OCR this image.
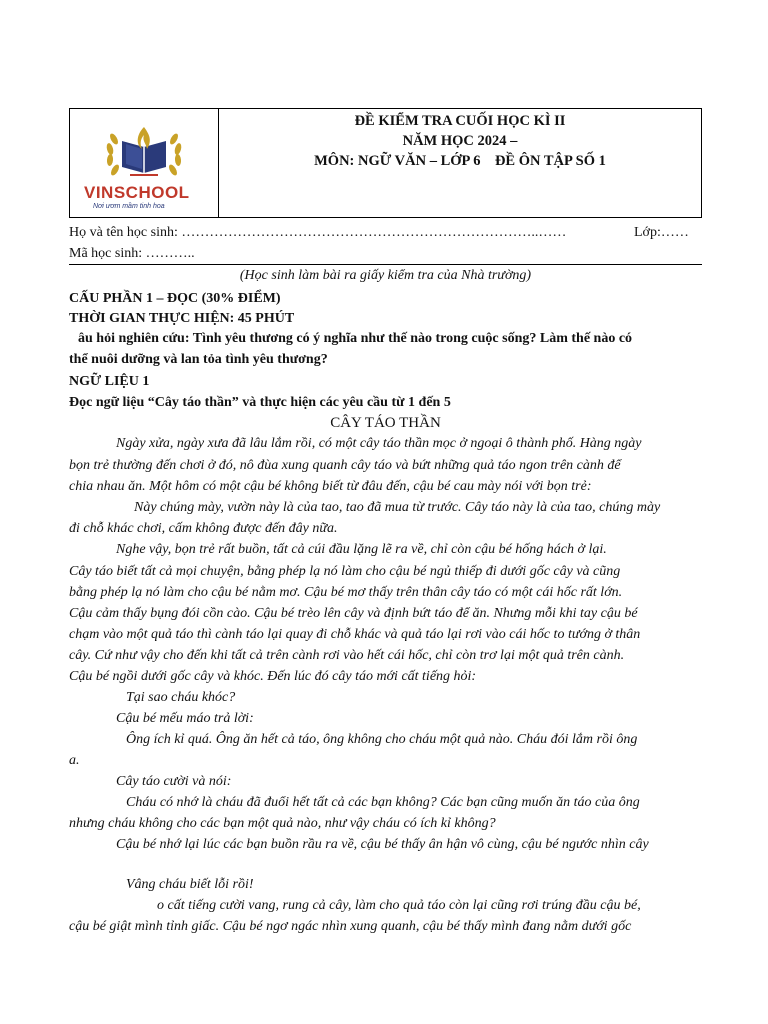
VINSCHOOL
Nơi ươm mầm tinh hoa
ĐỀ KIỂM TRA CUỐI HỌC KÌ II
NĂM HỌC 2024 –
MÔN: NGỮ VĂN – LỚP 6    ĐỀ ÔN TẬP SỐ 1
Họ và tên học sinh: …………………………………………………………………..……	Lớp:……
Mã học sinh: ………..
(Học sinh làm bài ra giấy kiểm tra của Nhà trường)
CẤU PHẦN 1 – ĐỌC (30% ĐIỂM)
THỜI GIAN THỰC HIỆN: 45 PHÚT
âu hỏi nghiên cứu: Tình yêu thương có ý nghĩa như thế nào trong cuộc sống? Làm thế nào có
thể nuôi dưỡng và lan tỏa tình yêu thương?
NGỮ LIỆU 1
Đọc ngữ liệu “Cây táo thần” và thực hiện các yêu cầu từ 1 đến 5
CÂY TÁO THẦN
Ngày xửa, ngày xưa đã lâu lắm rồi, có một cây táo thần mọc ở ngoại ô thành phố. Hàng ngày
bọn trẻ thường đến chơi ở đó, nô đùa xung quanh cây táo và bứt những quả táo ngon trên cành để
chia nhau ăn. Một hôm có một cậu bé không biết từ đâu đến, cậu bé cau mày nói với bọn trẻ:
Này chúng mày, vườn này là của tao, tao đã mua từ trước. Cây táo này là của tao, chúng mày
đi chỗ khác chơi, cấm không được đến đây nữa.
Nghe vậy, bọn trẻ rất buồn, tất cả cúi đầu lặng lẽ ra về, chỉ còn cậu bé hống hách ở lại.
Cây táo biết tất cả mọi chuyện, bằng phép lạ nó làm cho cậu bé ngủ thiếp đi dưới gốc cây và cũng
bằng phép lạ nó làm cho cậu bé nằm mơ. Cậu bé mơ thấy trên thân cây táo có một cái hốc rất lớn.
Cậu cảm thấy bụng đói cồn cào. Cậu bé trèo lên cây và định bứt táo để ăn. Nhưng mỗi khi tay cậu bé
chạm vào một quả táo thì cành táo lại quay đi chỗ khác và quả táo lại rơi vào cái hốc to tướng ở thân
cây. Cứ như vậy cho đến khi tất cả trên cành rơi vào hết cái hốc, chỉ còn trơ lại một quả trên cành.
Cậu bé ngồi dưới gốc cây và khóc. Đến lúc đó cây táo mới cất tiếng hỏi:
Tại sao cháu khóc?
Cậu bé mếu máo trả lời:
Ông ích kỉ quá. Ông ăn hết cả táo, ông không cho cháu một quả nào. Cháu đói lắm rồi ông
a.
Cây táo cười và nói:
Cháu có nhớ là cháu đã đuổi hết tất cả các bạn không? Các bạn cũng muốn ăn táo của ông
nhưng cháu không cho các bạn một quả nào, như vậy cháu có ích kỉ không?
Cậu bé nhớ lại lúc các bạn buồn rầu ra về, cậu bé thấy ân hận vô cùng, cậu bé ngước nhìn cây
Vâng cháu biết lỗi rồi!
o cất tiếng cười vang, rung cả cây, làm cho quả táo còn lại cũng rơi trúng đầu cậu bé,
cậu bé giật mình tỉnh giấc. Cậu bé ngơ ngác nhìn xung quanh, cậu bé thấy mình đang nằm dưới gốc
